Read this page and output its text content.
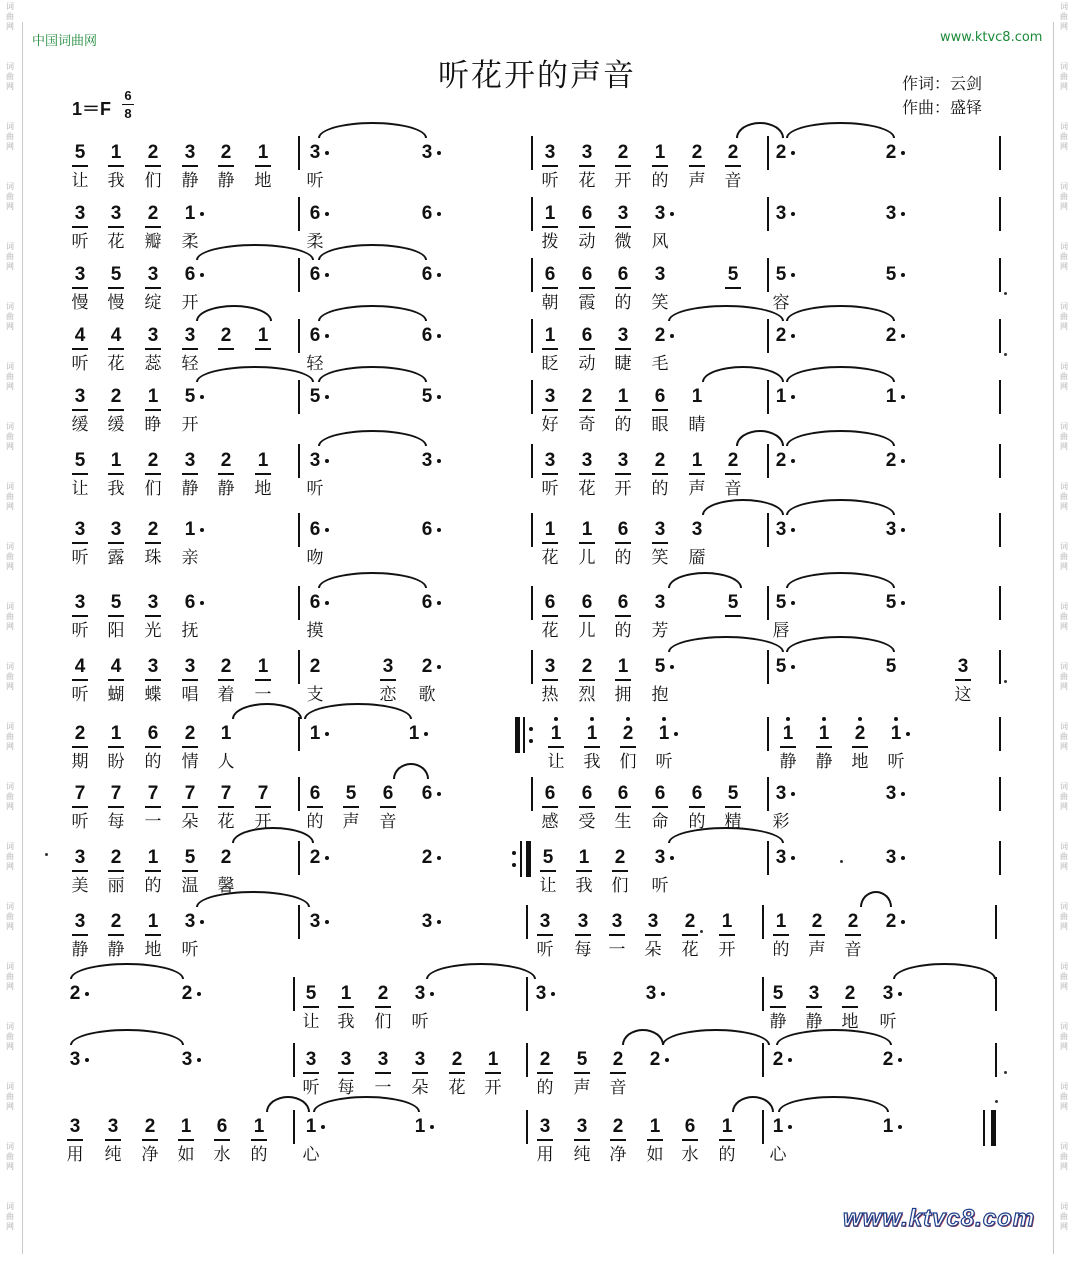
词
曲
网
词
曲
网
词
曲
网
词
曲
网
词
曲
网
词
曲
网
词
曲
网
词
曲
网
词
曲
网
词
曲
网
词
曲
网
词
曲
网
词
曲
网
词
曲
网
词
曲
网
词
曲
网
词
曲
网
词
曲
网
词
曲
网
词
曲
网
词
曲
网
词
曲
网
词
曲
网
词
曲
网
词
曲
网
词
曲
网
词
曲
网
词
曲
网
词
曲
网
词
曲
网
词
曲
网
词
曲
网
词
曲
网
词
曲
网
词
曲
网
词
曲
网
词
曲
网
词
曲
网
词
曲
网
词
曲
网
词
曲
网
词
曲
网
中国词曲网	www.ktvc8.com
听花开的声音	作词：云剑
作曲：盛铎
1＝F
6
8
5	1	2	3	2	1	3	3	3	3	2	1	2	2	2	2
让 我 们 静 静 地 听	听 花 开 的 声 音
3	3	2	1	6	6	1	6	3	3	3	3
听 花 瓣 柔	柔	拨 动 微 风
3	5	3	6	6	6	6	6	6	3	5	5	5
慢 慢 绽 开	朝 霞 的 笑	容
4	4	3	3	2	1	6	6	1	6	3	2	2	2
听 花 蕊 轻	轻	眨 动 睫 毛
3	2	1	5	5	5	3	2	1	6	1	1	1
缓 缓 睁 开	好 奇 的 眼 睛
5	1	2	3	2	1	3	3	3	3	3	2	1	2	2	2
让 我 们 静 静 地 听	听 花 开 的 声 音
3	3	2	1	6	6	1	1	6	3	3	3	3
听 露 珠 亲	吻	花 儿 的 笑 靥
3	5	3	6	6	6	6	6	6	3	5	5	5
听 阳 光 抚	摸	花 儿 的 芳	唇
4	4	3	3	2	1	2	3	2	3	2	1	5	5	5	3
听 蝴 蝶 唱 着 一 支	恋 歌	热 烈 拥 抱	这
2	1	6	2	1	1	1	1	1	2	1	1	1	2	1
期 盼 的 情 人	让 我 们 听	静 静 地 听
7	7	7	7	7	7	6	5	6	6	6	6	6	6	6	5	3	3
听 每 一 朵 花 开 的 声 音	感 受 生 命 的 精 彩
3	2	1	5	2	2	2	5	1	2	3	3	3
美 丽 的 温 馨	让 我 们 听
3	2	1	3	3	3	3	3	3	3	2	1	1	2	2	2
静 静 地 听	听 每 一 朵 花 开 的 声 音
2	2	5	1	2	3	3	3	5	3	2	3
让 我 们 听	静 静 地 听
3	3	3	3	3	3	2	1	2	5	2	2	2	2
听 每 一 朵 花 开 的 声 音
3	3	2	1	6	1	1	1	3	3	2	1	6	1	1	1
用 纯 净 如 水 的 心	用 纯 净 如 水 的 心
www.ktvc8.com
